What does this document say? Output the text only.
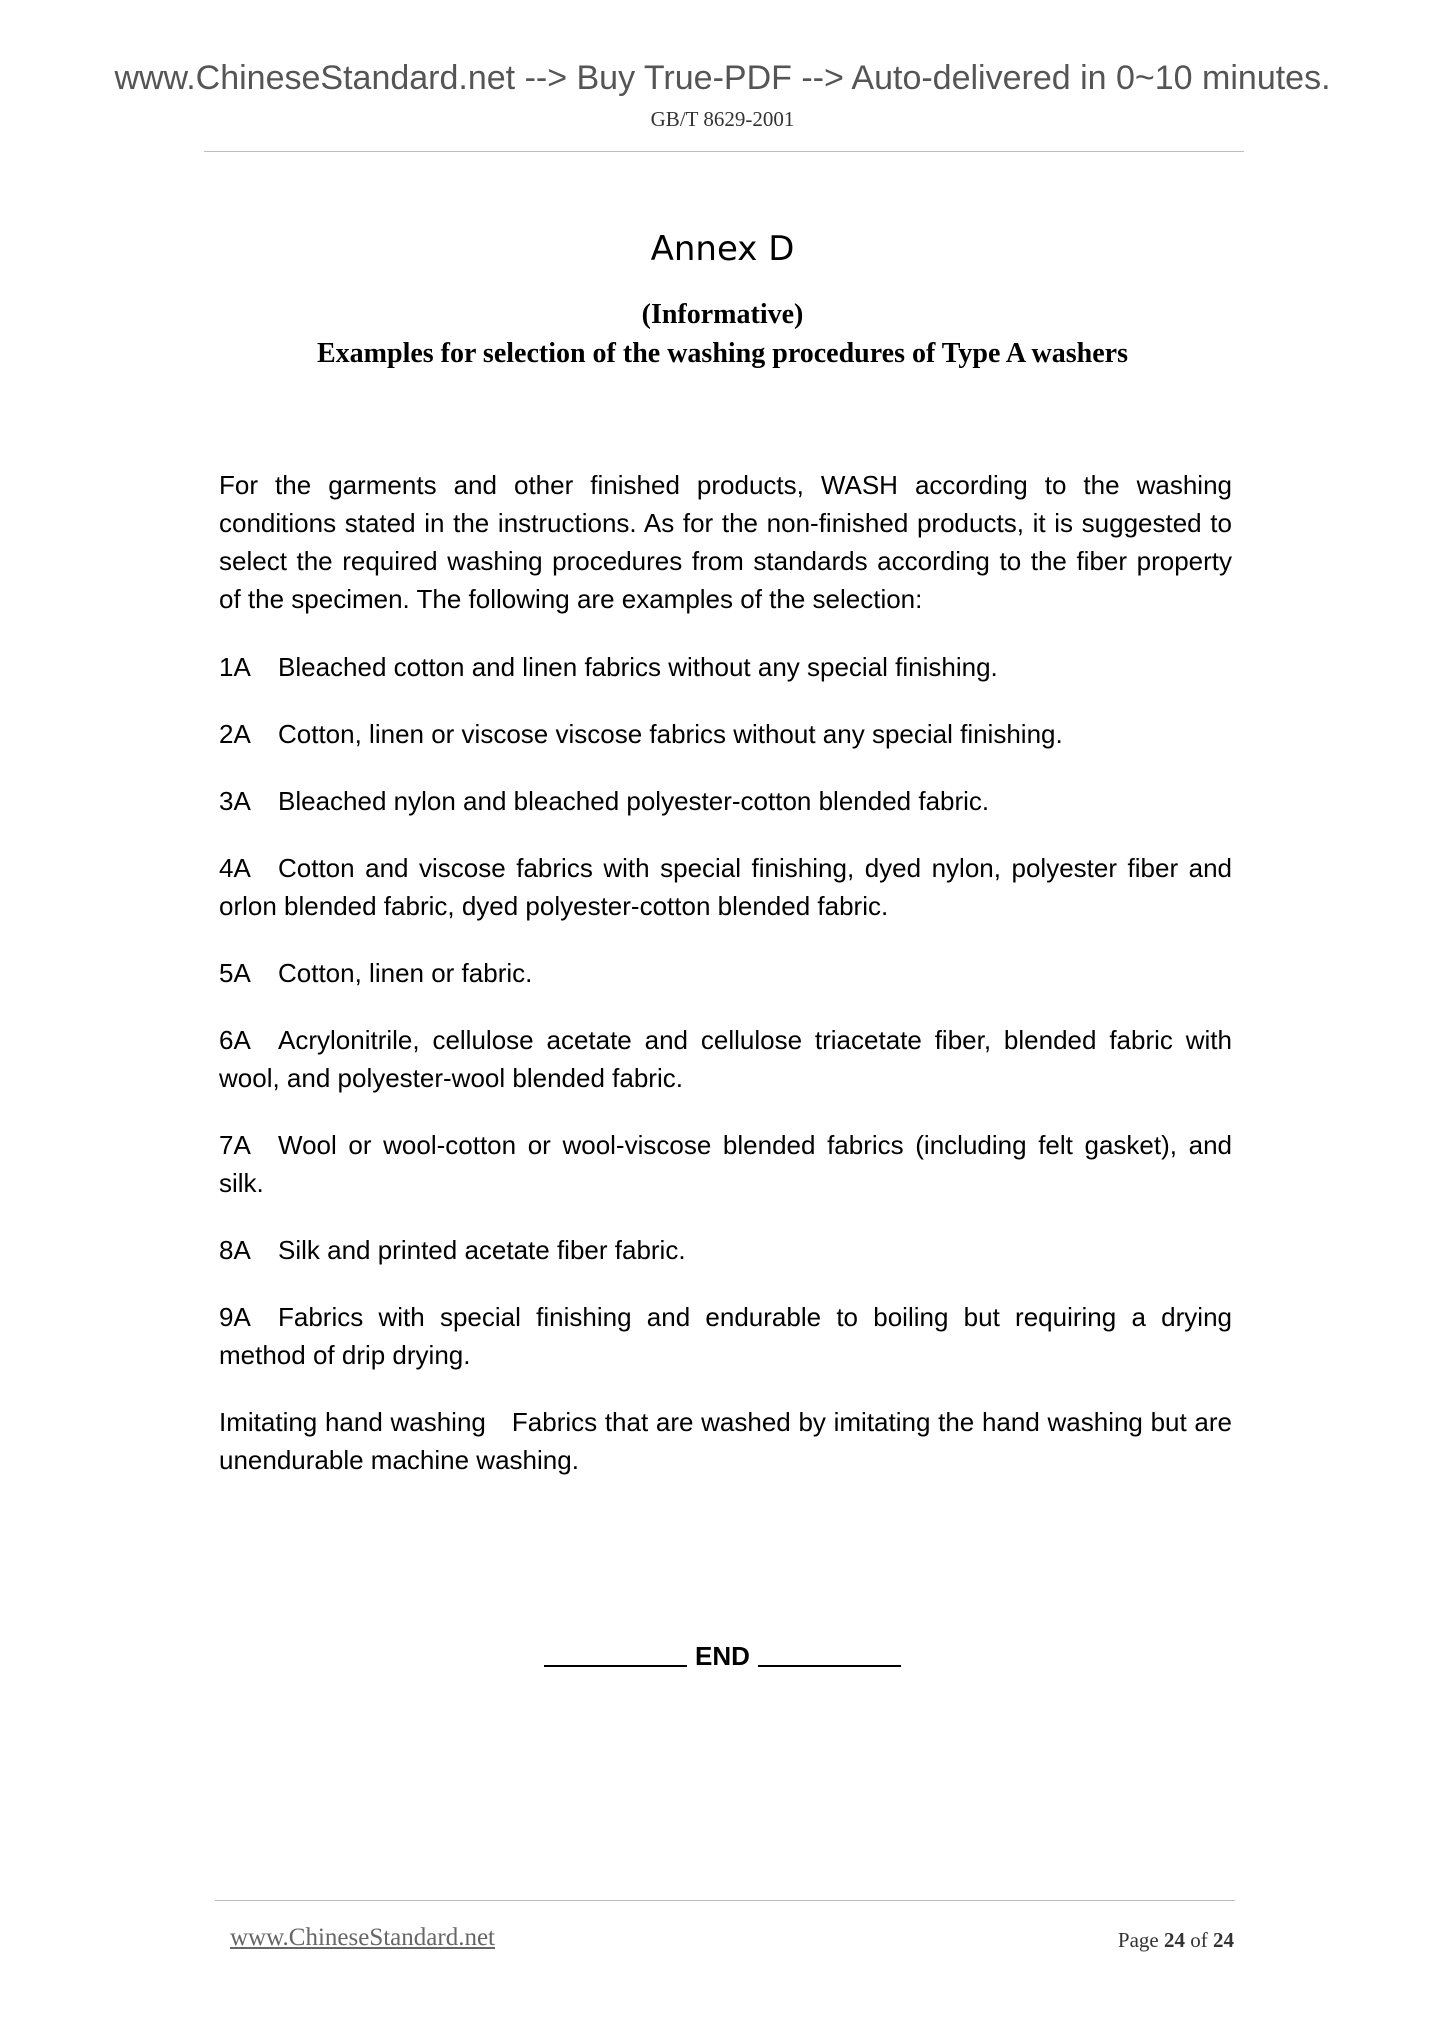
www.ChineseStandard.net --> Buy True-PDF --> Auto-delivered in 0~10 minutes.
GB/T 8629-2001
Annex D
(Informative)
Examples for selection of the washing procedures of Type A washers

For the garments and other finished products, WASH according to the washing conditions stated in the instructions. As for the non-finished products, it is suggested to select the required washing procedures from standards according to the fiber property of the specimen. The following are examples of the selection:

1A Bleached cotton and linen fabrics without any special finishing.

2A Cotton, linen or viscose viscose fabrics without any special finishing.

3A Bleached nylon and bleached polyester-cotton blended fabric.

4A Cotton and viscose fabrics with special finishing, dyed nylon, polyester fiber and orlon blended fabric, dyed polyester-cotton blended fabric.

5A Cotton, linen or fabric.

6A Acrylonitrile, cellulose acetate and cellulose triacetate fiber, blended fabric with wool, and polyester-wool blended fabric.

7A Wool or wool-cotton or wool-viscose blended fabrics (including felt gasket), and silk.

8A Silk and printed acetate fiber fabric.

9A Fabrics with special finishing and endurable to boiling but requiring a drying method of drip drying.

Imitating hand washing Fabrics that are washed by imitating the hand washing but are unendurable machine washing.

END
www.ChineseStandard.net	Page 24 of 24
